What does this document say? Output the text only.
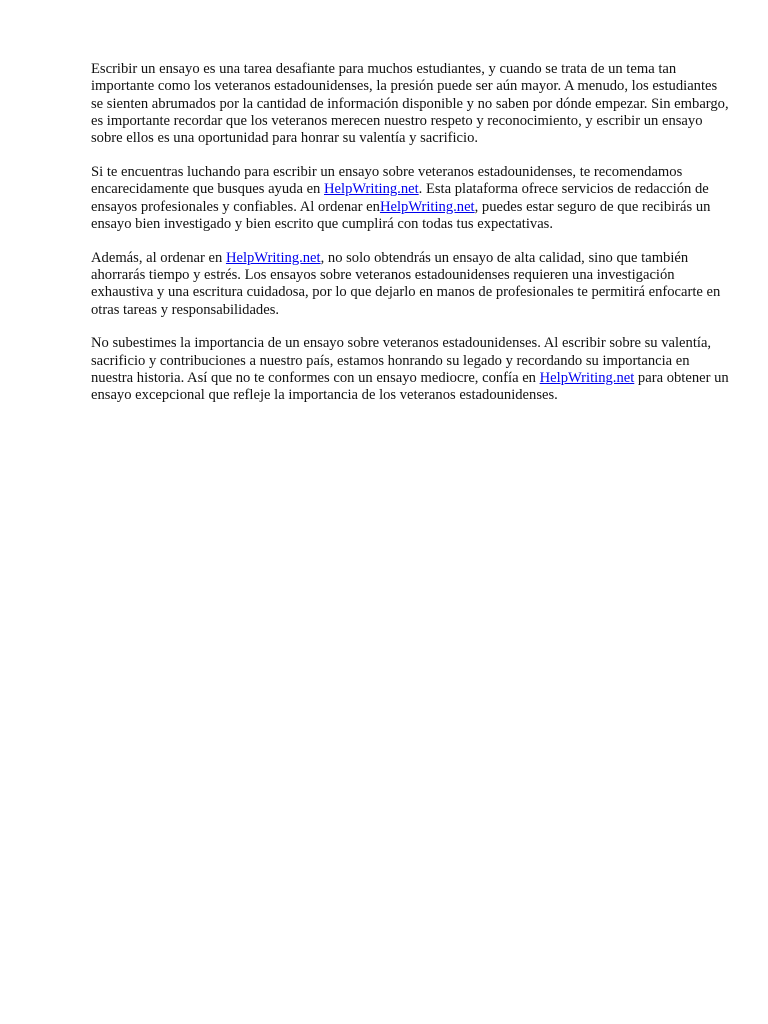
Escribir un ensayo es una tarea desafiante para muchos estudiantes, y cuando se trata de un tema tan importante como los veteranos estadounidenses, la presión puede ser aún mayor. A menudo, los estudiantes se sienten abrumados por la cantidad de información disponible y no saben por dónde empezar. Sin embargo, es importante recordar que los veteranos merecen nuestro respeto y reconocimiento, y escribir un ensayo sobre ellos es una oportunidad para honrar su valentía y sacrificio.

Si te encuentras luchando para escribir un ensayo sobre veteranos estadounidenses, te recomendamos encarecidamente que busques ayuda en HelpWriting.net. Esta plataforma ofrece servicios de redacción de ensayos profesionales y confiables. Al ordenar enHelpWriting.net, puedes estar seguro de que recibirás un ensayo bien investigado y bien escrito que cumplirá con todas tus expectativas.

Además, al ordenar en HelpWriting.net, no solo obtendrás un ensayo de alta calidad, sino que también ahorrarás tiempo y estrés. Los ensayos sobre veteranos estadounidenses requieren una investigación exhaustiva y una escritura cuidadosa, por lo que dejarlo en manos de profesionales te permitirá enfocarte en otras tareas y responsabilidades.

No subestimes la importancia de un ensayo sobre veteranos estadounidenses. Al escribir sobre su valentía, sacrificio y contribuciones a nuestro país, estamos honrando su legado y recordando su importancia en nuestra historia. Así que no te conformes con un ensayo mediocre, confía en HelpWriting.net para obtener un ensayo excepcional que refleje la importancia de los veteranos estadounidenses.
